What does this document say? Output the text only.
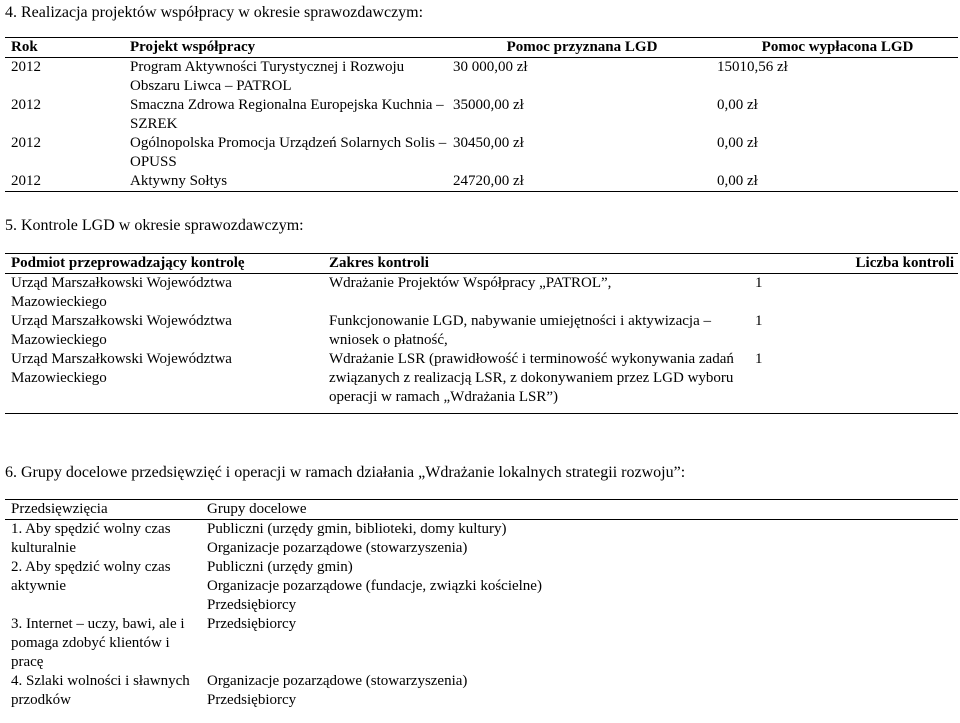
4. Realizacja projektów współpracy w okresie sprawozdawczym:
Rok	Projekt współpracy	Pomoc przyznana LGD	Pomoc wypłacona LGD
2012	Program Aktywności Turystycznej i Rozwoju Obszaru Liwca – PATROL	30 000,00 zł	15010,56 zł
2012	Smaczna Zdrowa Regionalna Europejska Kuchnia – SZREK	35000,00 zł	0,00 zł
2012	Ogólnopolska Promocja Urządzeń Solarnych Solis – OPUSS	30450,00 zł	0,00 zł
2012	Aktywny Sołtys	24720,00 zł	0,00 zł
5. Kontrole LGD w okresie sprawozdawczym:
Podmiot przeprowadzający kontrolę	Zakres kontroli	Liczba kontroli
Urząd Marszałkowski Województwa Mazowieckiego	Wdrażanie Projektów Współpracy „PATROL”,	1
Urząd Marszałkowski Województwa Mazowieckiego	Funkcjonowanie LGD, nabywanie umiejętności i aktywizacja – wniosek o płatność,	1
Urząd Marszałkowski Województwa Mazowieckiego	Wdrażanie LSR (prawidłowość i terminowość wykonywania zadań związanych z realizacją LSR, z dokonywaniem przez LGD wyboru operacji w ramach „Wdrażania LSR”)	1
6. Grupy docelowe przedsięwzięć i operacji w ramach działania „Wdrażanie lokalnych strategii rozwoju”:
Przedsięwzięcia	Grupy docelowe
1. Aby spędzić wolny czas kulturalnie	Publiczni (urzędy gmin, biblioteki, domy kultury)
Organizacje pozarządowe (stowarzyszenia)

2. Aby spędzić wolny czas aktywnie	Publiczni (urzędy gmin)
Organizacje pozarządowe (fundacje, związki kościelne)
Przedsiębiorcy

3. Internet – uczy, bawi, ale i pomaga zdobyć klientów i pracę	Przedsiębiorcy

4. Szlaki wolności i sławnych przodków	Organizacje pozarządowe (stowarzyszenia)
Przedsiębiorcy
